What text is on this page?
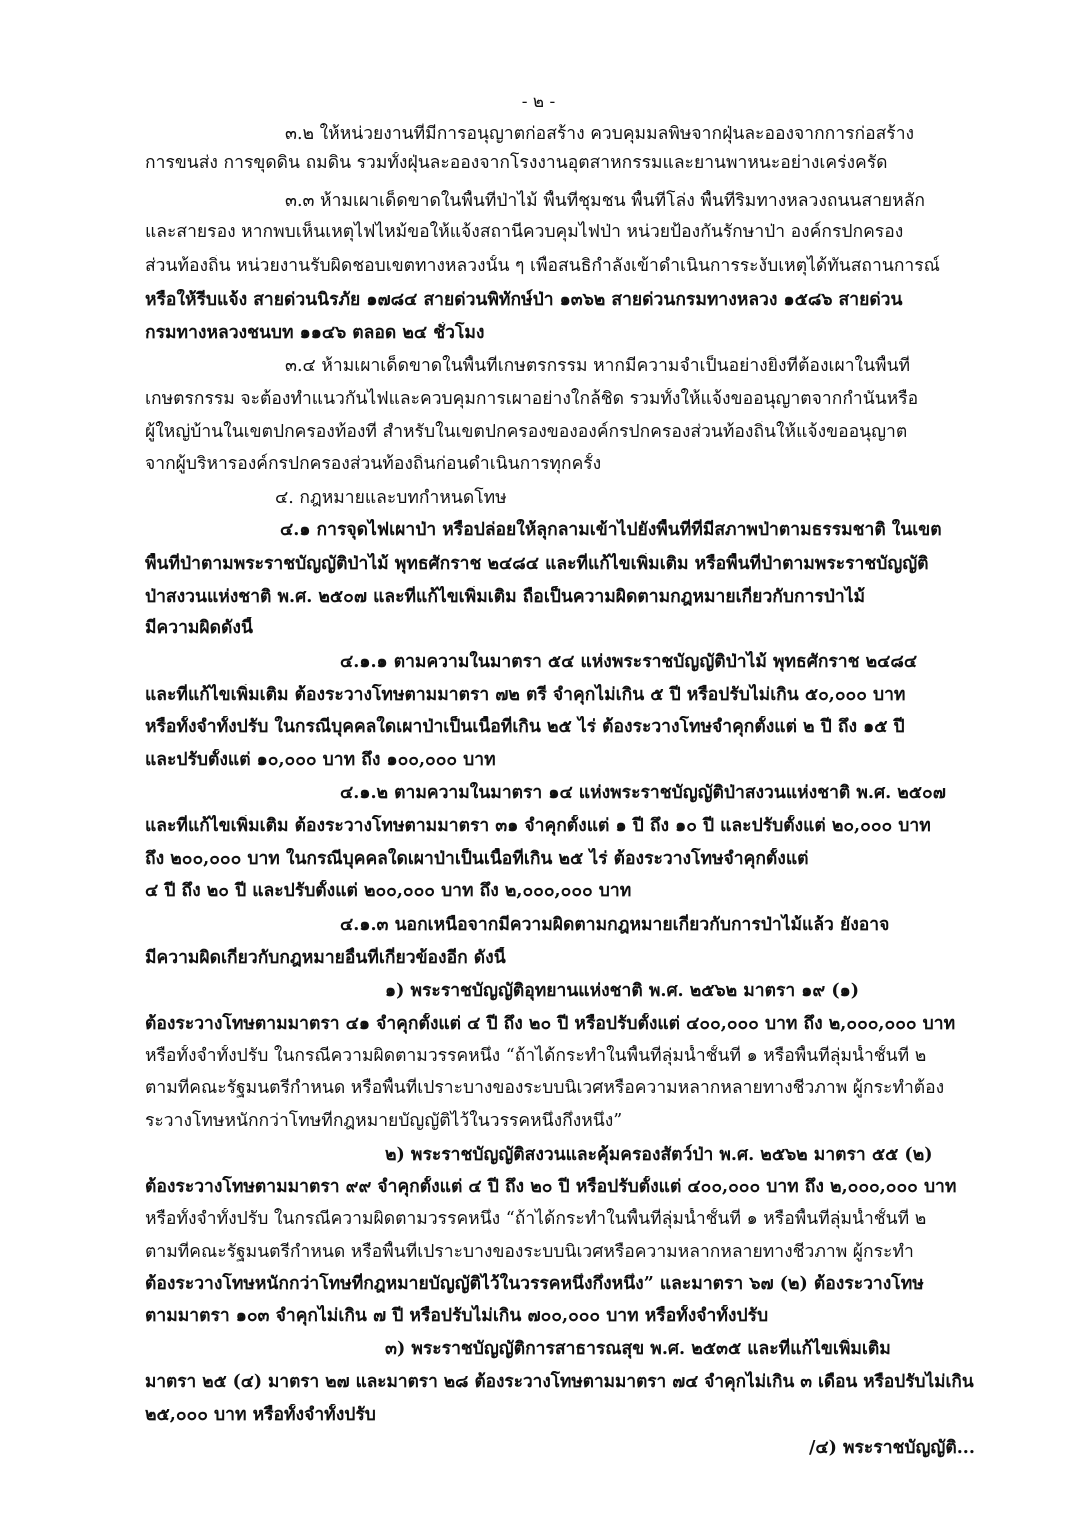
- ๒ -
๓.๒ ให้หน่วยงานที่มีการอนุญาตก่อสร้าง ควบคุมมลพิษจากฝุ่นละอองจากการก่อสร้าง
การขนส่ง การขุดดิน ถมดิน รวมทั้งฝุ่นละอองจากโรงงานอุตสาหกรรมและยานพาหนะอย่างเคร่งครัด
๓.๓ ห้ามเผาเด็ดขาดในพื้นที่ป่าไม้ พื้นที่ชุมชน พื้นที่โล่ง พื้นที่ริมทางหลวงถนนสายหลัก
และสายรอง หากพบเห็นเหตุไฟไหม้ขอให้แจ้งสถานีควบคุมไฟป่า หน่วยป้องกันรักษาป่า องค์กรปกครอง
ส่วนท้องถิ่น หน่วยงานรับผิดชอบเขตทางหลวงนั้น ๆ เพื่อสนธิกำลังเข้าดำเนินการระงับเหตุได้ทันสถานการณ์
หรือให้รีบแจ้ง สายด่วนนิรภัย ๑๗๘๔ สายด่วนพิทักษ์ป่า ๑๓๖๒ สายด่วนกรมทางหลวง ๑๕๘๖ สายด่วน
กรมทางหลวงชนบท ๑๑๔๖ ตลอด ๒๔ ชั่วโมง
๓.๔ ห้ามเผาเด็ดขาดในพื้นที่เกษตรกรรม หากมีความจำเป็นอย่างยิ่งที่ต้องเผาในพื้นที่
เกษตรกรรม จะต้องทำแนวกันไฟและควบคุมการเผาอย่างใกล้ชิด รวมทั้งให้แจ้งขออนุญาตจากกำนันหรือ
ผู้ใหญ่บ้านในเขตปกครองท้องที่ สำหรับในเขตปกครองขององค์กรปกครองส่วนท้องถิ่นให้แจ้งขออนุญาต
จากผู้บริหารองค์กรปกครองส่วนท้องถิ่นก่อนดำเนินการทุกครั้ง
๔. กฎหมายและบทกำหนดโทษ
๔.๑ การจุดไฟเผาป่า หรือปล่อยให้ลุกลามเข้าไปยังพื้นที่ที่มีสภาพป่าตามธรรมชาติ ในเขต
พื้นที่ป่าตามพระราชบัญญัติป่าไม้ พุทธศักราช ๒๔๘๔ และที่แก้ไขเพิ่มเติม หรือพื้นที่ป่าตามพระราชบัญญัติ
ป่าสงวนแห่งชาติ พ.ศ. ๒๕๐๗ และที่แก้ไขเพิ่มเติม ถือเป็นความผิดตามกฎหมายเกี่ยวกับการป่าไม้
มีความผิดดังนี้
๔.๑.๑ ตามความในมาตรา ๕๔ แห่งพระราชบัญญัติป่าไม้ พุทธศักราช ๒๔๘๔
และที่แก้ไขเพิ่มเติม ต้องระวางโทษตามมาตรา ๗๒ ตรี จำคุกไม่เกิน ๕ ปี หรือปรับไม่เกิน ๕๐,๐๐๐ บาท
หรือทั้งจำทั้งปรับ ในกรณีบุคคลใดเผาป่าเป็นเนื้อที่เกิน ๒๕ ไร่ ต้องระวางโทษจำคุกตั้งแต่ ๒ ปี ถึง ๑๕ ปี
และปรับตั้งแต่ ๑๐,๐๐๐ บาท ถึง ๑๐๐,๐๐๐ บาท
๔.๑.๒ ตามความในมาตรา ๑๔ แห่งพระราชบัญญัติป่าสงวนแห่งชาติ พ.ศ. ๒๕๐๗
และที่แก้ไขเพิ่มเติม ต้องระวางโทษตามมาตรา ๓๑ จำคุกตั้งแต่ ๑ ปี ถึง ๑๐ ปี และปรับตั้งแต่ ๒๐,๐๐๐ บาท
ถึง ๒๐๐,๐๐๐ บาท ในกรณีบุคคลใดเผาป่าเป็นเนื้อที่เกิน ๒๕ ไร่ ต้องระวางโทษจำคุกตั้งแต่
๔ ปี ถึง ๒๐ ปี และปรับตั้งแต่ ๒๐๐,๐๐๐ บาท ถึง ๒,๐๐๐,๐๐๐ บาท
๔.๑.๓ นอกเหนือจากมีความผิดตามกฎหมายเกี่ยวกับการป่าไม้แล้ว ยังอาจ
มีความผิดเกี่ยวกับกฎหมายอื่นที่เกี่ยวข้องอีก ดังนี้
๑) พระราชบัญญัติอุทยานแห่งชาติ พ.ศ. ๒๕๖๒ มาตรา ๑๙ (๑)
ต้องระวางโทษตามมาตรา ๔๑ จำคุกตั้งแต่ ๔ ปี ถึง ๒๐ ปี หรือปรับตั้งแต่ ๔๐๐,๐๐๐ บาท ถึง ๒,๐๐๐,๐๐๐ บาท
หรือทั้งจำทั้งปรับ ในกรณีความผิดตามวรรคหนึ่ง “ถ้าได้กระทำในพื้นที่ลุ่มน้ำชั้นที่ ๑ หรือพื้นที่ลุ่มน้ำชั้นที่ ๒
ตามที่คณะรัฐมนตรีกำหนด หรือพื้นที่เปราะบางของระบบนิเวศหรือความหลากหลายทางชีวภาพ ผู้กระทำต้อง
ระวางโทษหนักกว่าโทษที่กฎหมายบัญญัติไว้ในวรรคหนึ่งกึ่งหนึ่ง”
๒) พระราชบัญญัติสงวนและคุ้มครองสัตว์ป่า พ.ศ. ๒๕๖๒ มาตรา ๕๕ (๒)
ต้องระวางโทษตามมาตรา ๙๙ จำคุกตั้งแต่ ๔ ปี ถึง ๒๐ ปี หรือปรับตั้งแต่ ๔๐๐,๐๐๐ บาท ถึง ๒,๐๐๐,๐๐๐ บาท
หรือทั้งจำทั้งปรับ ในกรณีความผิดตามวรรคหนึ่ง “ถ้าได้กระทำในพื้นที่ลุ่มน้ำชั้นที่ ๑ หรือพื้นที่ลุ่มน้ำชั้นที่ ๒
ตามที่คณะรัฐมนตรีกำหนด หรือพื้นที่เปราะบางของระบบนิเวศหรือความหลากหลายทางชีวภาพ ผู้กระทำ
ต้องระวางโทษหนักกว่าโทษที่กฎหมายบัญญัติไว้ในวรรคหนึ่งกึ่งหนึ่ง” และมาตรา ๖๗ (๒) ต้องระวางโทษ
ตามมาตรา ๑๐๓ จำคุกไม่เกิน ๗ ปี หรือปรับไม่เกิน ๗๐๐,๐๐๐ บาท หรือทั้งจำทั้งปรับ
๓) พระราชบัญญัติการสาธารณสุข พ.ศ. ๒๕๓๕ และที่แก้ไขเพิ่มเติม
มาตรา ๒๕ (๔) มาตรา ๒๗ และมาตรา ๒๘ ต้องระวางโทษตามมาตรา ๗๔ จำคุกไม่เกิน ๓ เดือน หรือปรับไม่เกิน
๒๕,๐๐๐ บาท หรือทั้งจำทั้งปรับ
/๔) พระราชบัญญัติ...
